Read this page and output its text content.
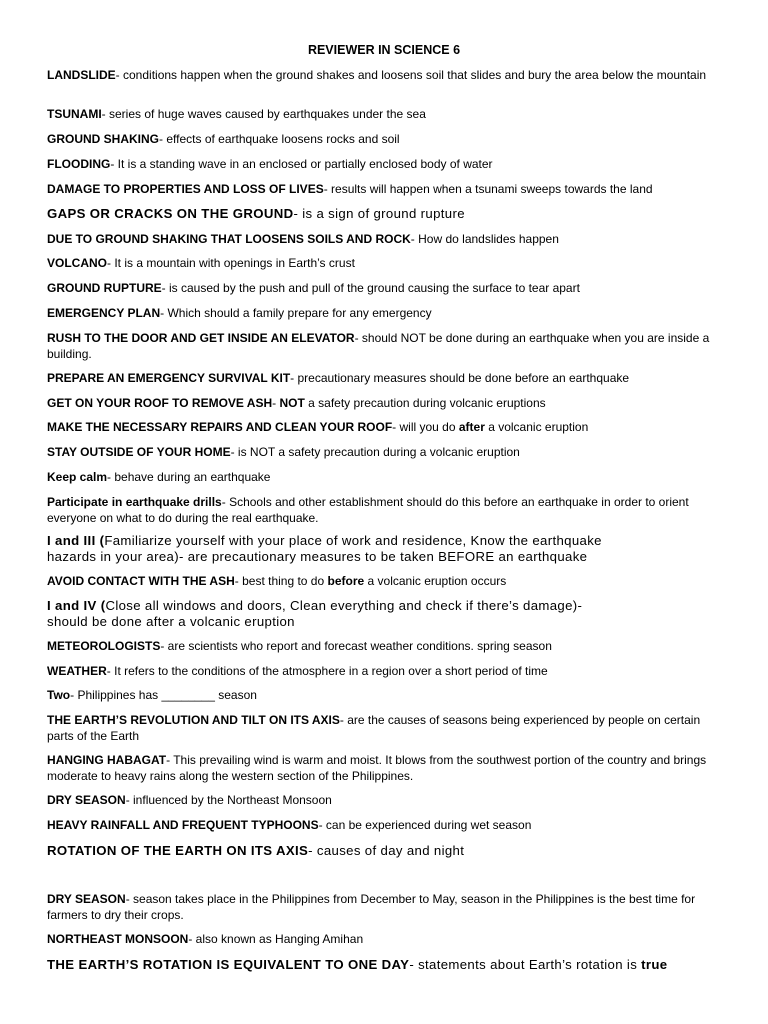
REVIEWER IN SCIENCE 6
LANDSLIDE- conditions happen when the ground shakes and loosens soil that slides and bury the area below the mountain
TSUNAMI- series of huge waves caused by earthquakes under the sea
GROUND SHAKING- effects of earthquake loosens rocks and soil
FLOODING- It is a standing wave in an enclosed or partially enclosed body of water
DAMAGE TO PROPERTIES AND LOSS OF LIVES- results will happen when a tsunami sweeps towards the land
GAPS OR CRACKS ON THE GROUND- is a sign of ground rupture
DUE TO GROUND SHAKING THAT LOOSENS SOILS AND ROCK- How do landslides happen
VOLCANO- It is a mountain with openings in Earth’s crust
GROUND RUPTURE- is caused by the push and pull of the ground causing the surface to tear apart
EMERGENCY PLAN- Which should a family prepare for any emergency
RUSH TO THE DOOR AND GET INSIDE AN ELEVATOR- should NOT be done during an earthquake when you are inside a building.
PREPARE AN EMERGENCY SURVIVAL KIT- precautionary measures should be done before an earthquake
GET ON YOUR ROOF TO REMOVE ASH- NOT a safety precaution during volcanic eruptions
MAKE THE NECESSARY REPAIRS AND CLEAN YOUR ROOF- will you do after a volcanic eruption
STAY OUTSIDE OF YOUR HOME- is NOT a safety precaution during a volcanic eruption
Keep calm- behave during an earthquake
Participate in earthquake drills- Schools and other establishment should do this before an earthquake in order to orient everyone on what to do during the real earthquake.
I and III (Familiarize yourself with your place of work and residence, Know the earthquake hazards in your area)- are precautionary measures to be taken BEFORE an earthquake
AVOID CONTACT WITH THE ASH- best thing to do before a volcanic eruption occurs
I and IV (Close all windows and doors, Clean everything and check if there’s damage)- should be done after a volcanic eruption
METEOROLOGISTS- are scientists who report and forecast weather conditions. spring season
WEATHER- It refers to the conditions of the atmosphere in a region over a short period of time
Two- Philippines has ________ season
THE EARTH’S REVOLUTION AND TILT ON ITS AXIS- are the causes of seasons being experienced by people on certain parts of the Earth
HANGING HABAGAT- This prevailing wind is warm and moist. It blows from the southwest portion of the country and brings moderate to heavy rains along the western section of the Philippines.
DRY SEASON- influenced by the Northeast Monsoon
HEAVY RAINFALL AND FREQUENT TYPHOONS- can be experienced during wet season
ROTATION OF THE EARTH ON ITS AXIS- causes of day and night
DRY SEASON- season takes place in the Philippines from December to May, season in the Philippines is the best time for farmers to dry their crops.
NORTHEAST MONSOON- also known as Hanging Amihan
THE EARTH’S ROTATION IS EQUIVALENT TO ONE DAY- statements about Earth’s rotation is true
